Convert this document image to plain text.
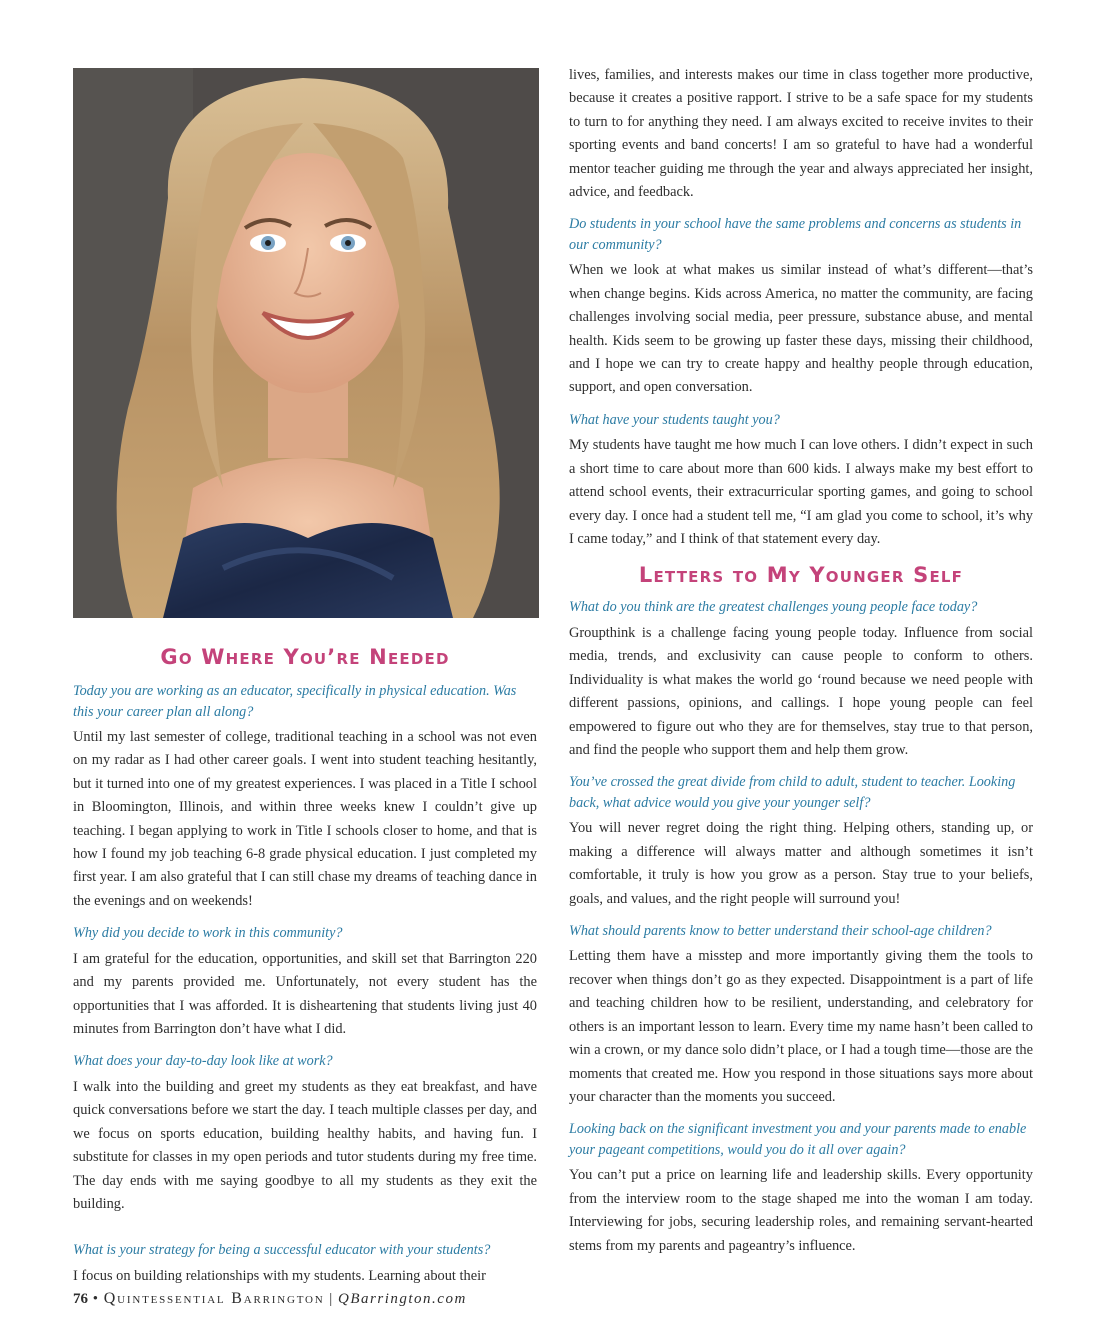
Go Where You’re Needed
Today you are working as an educator, specifically in physical education. Was this your career plan all along?

Until my last semester of college, traditional teaching in a school was not even on my radar as I had other career goals. I went into student teaching hesitantly, but it turned into one of my greatest experiences. I was placed in a Title I school in Bloomington, Illinois, and within three weeks knew I couldn’t give up teaching. I began applying to work in Title I schools closer to home, and that is how I found my job teaching 6-8 grade physical education. I just completed my first year. I am also grateful that I can still chase my dreams of teaching dance in the evenings and on weekends!

Why did you decide to work in this community?

I am grateful for the education, opportunities, and skill set that Barrington 220 and my parents provided me. Unfortunately, not every student has the opportunities that I was afforded. It is disheartening that students living just 40 minutes from Barrington don’t have what I did.

What does your day-to-day look like at work?

I walk into the building and greet my students as they eat breakfast, and have quick conversations before we start the day. I teach multiple classes per day, and we focus on sports education, building healthy habits, and having fun. I substitute for classes in my open periods and tutor students during my free time. The day ends with me saying goodbye to all my students as they exit the building.

What is your strategy for being a successful educator with your students?

I focus on building relationships with my students. Learning about their

lives, families, and interests makes our time in class together more productive, because it creates a positive rapport. I strive to be a safe space for my students to turn to for anything they need. I am always excited to receive invites to their sporting events and band concerts! I am so grateful to have had a wonderful mentor teacher guiding me through the year and always appreciated her insight, advice, and feedback.

Do students in your school have the same problems and concerns as students in our community?

When we look at what makes us similar instead of what’s different—that’s when change begins. Kids across America, no matter the community, are facing challenges involving social media, peer pressure, substance abuse, and mental health. Kids seem to be growing up faster these days, missing their childhood, and I hope we can try to create happy and healthy people through education, support, and open conversation.

What have your students taught you?

My students have taught me how much I can love others. I didn’t expect in such a short time to care about more than 600 kids. I always make my best effort to attend school events, their extracurricular sporting games, and going to school every day. I once had a student tell me, “I am glad you come to school, it’s why I came today,” and I think of that statement every day.

Letters to My Younger Self
What do you think are the greatest challenges young people face today?

Groupthink is a challenge facing young people today. Influence from social media, trends, and exclusivity can cause people to conform to others. Individuality is what makes the world go ‘round because we need people with different passions, opinions, and callings. I hope young people can feel empowered to figure out who they are for themselves, stay true to that person, and find the people who support them and help them grow.

You’ve crossed the great divide from child to adult, student to teacher. Looking back, what advice would you give your younger self?

You will never regret doing the right thing. Helping others, standing up, or making a difference will always matter and although sometimes it isn’t comfortable, it truly is how you grow as a person. Stay true to your beliefs, goals, and values, and the right people will surround you!

What should parents know to better understand their school-age children?

Letting them have a misstep and more importantly giving them the tools to recover when things don’t go as they expected. Disappointment is a part of life and teaching children how to be resilient, understanding, and celebratory for others is an important lesson to learn. Every time my name hasn’t been called to win a crown, or my dance solo didn’t place, or I had a tough time—those are the moments that created me. How you respond in those situations says more about your character than the moments you succeed.

Looking back on the significant investment you and your parents made to enable your pageant competitions, would you do it all over again?

You can’t put a price on learning life and leadership skills. Every opportunity from the interview room to the stage shaped me into the woman I am today. Interviewing for jobs, securing leadership roles, and remaining servant-hearted stems from my parents and pageantry’s influence.

76 • Quintessential Barrington | QBarrington.com
